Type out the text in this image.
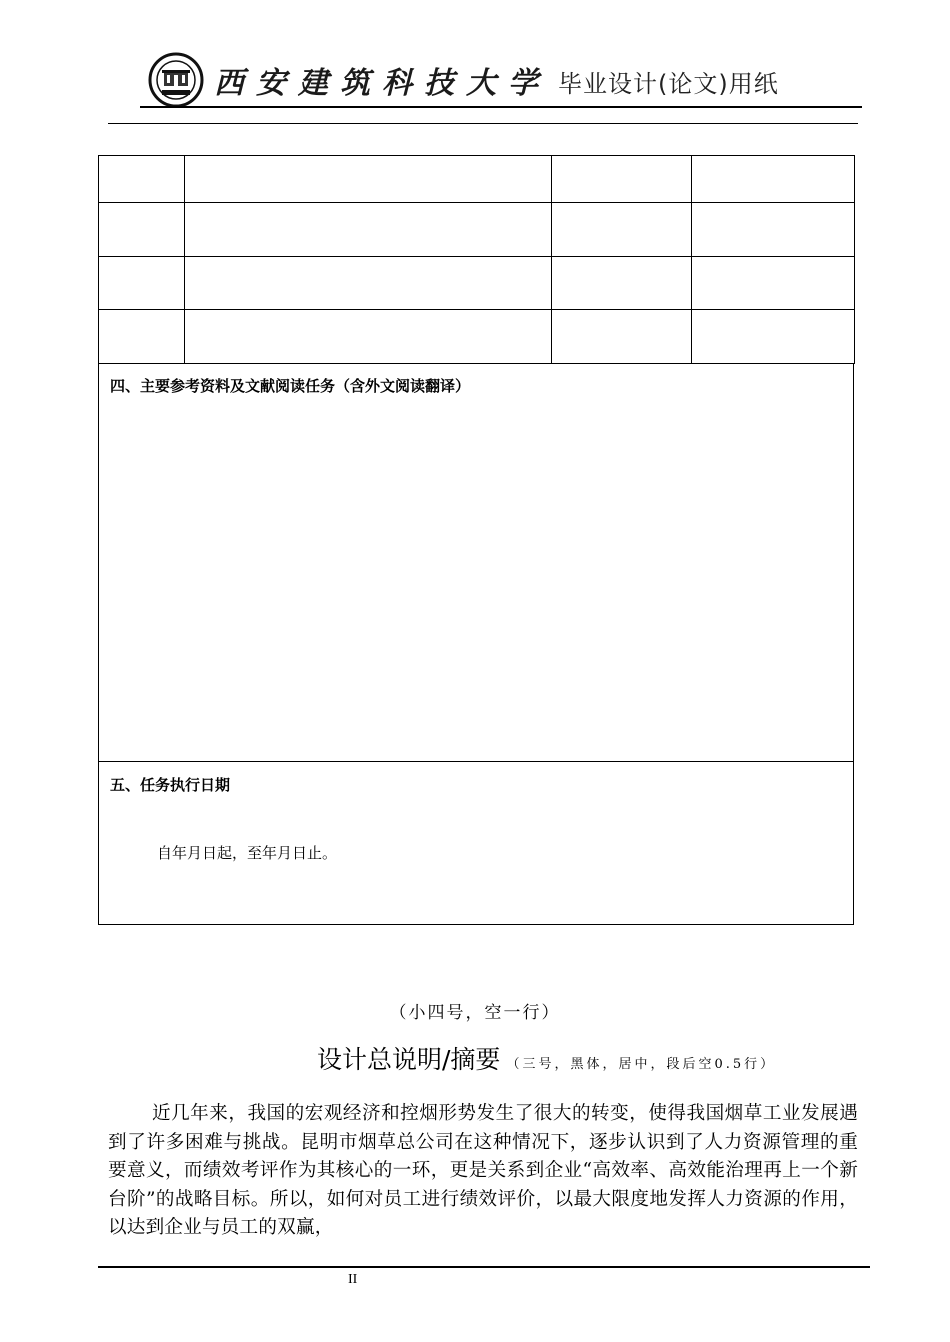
西安建筑科技大学 毕业设计(论文)用纸

四、主要参考资料及文献阅读任务（含外文阅读翻译）
五、任务执行日期
自年月日起，至年月日止。
（小四号，空一行）
设计总说明/摘要 （三号，黑体，居中，段后空0.5行）
近几年来，我国的宏观经济和控烟形势发生了很大的转变，使得我国烟草工业发展遇到了许多困难与挑战。昆明市烟草总公司在这种情况下，逐步认识到了人力资源管理的重要意义，而绩效考评作为其核心的一环，更是关系到企业“高效率、高效能治理再上一个新台阶”的战略目标。所以，如何对员工进行绩效评价，以最大限度地发挥人力资源的作用，以达到企业与员工的双赢，
II
